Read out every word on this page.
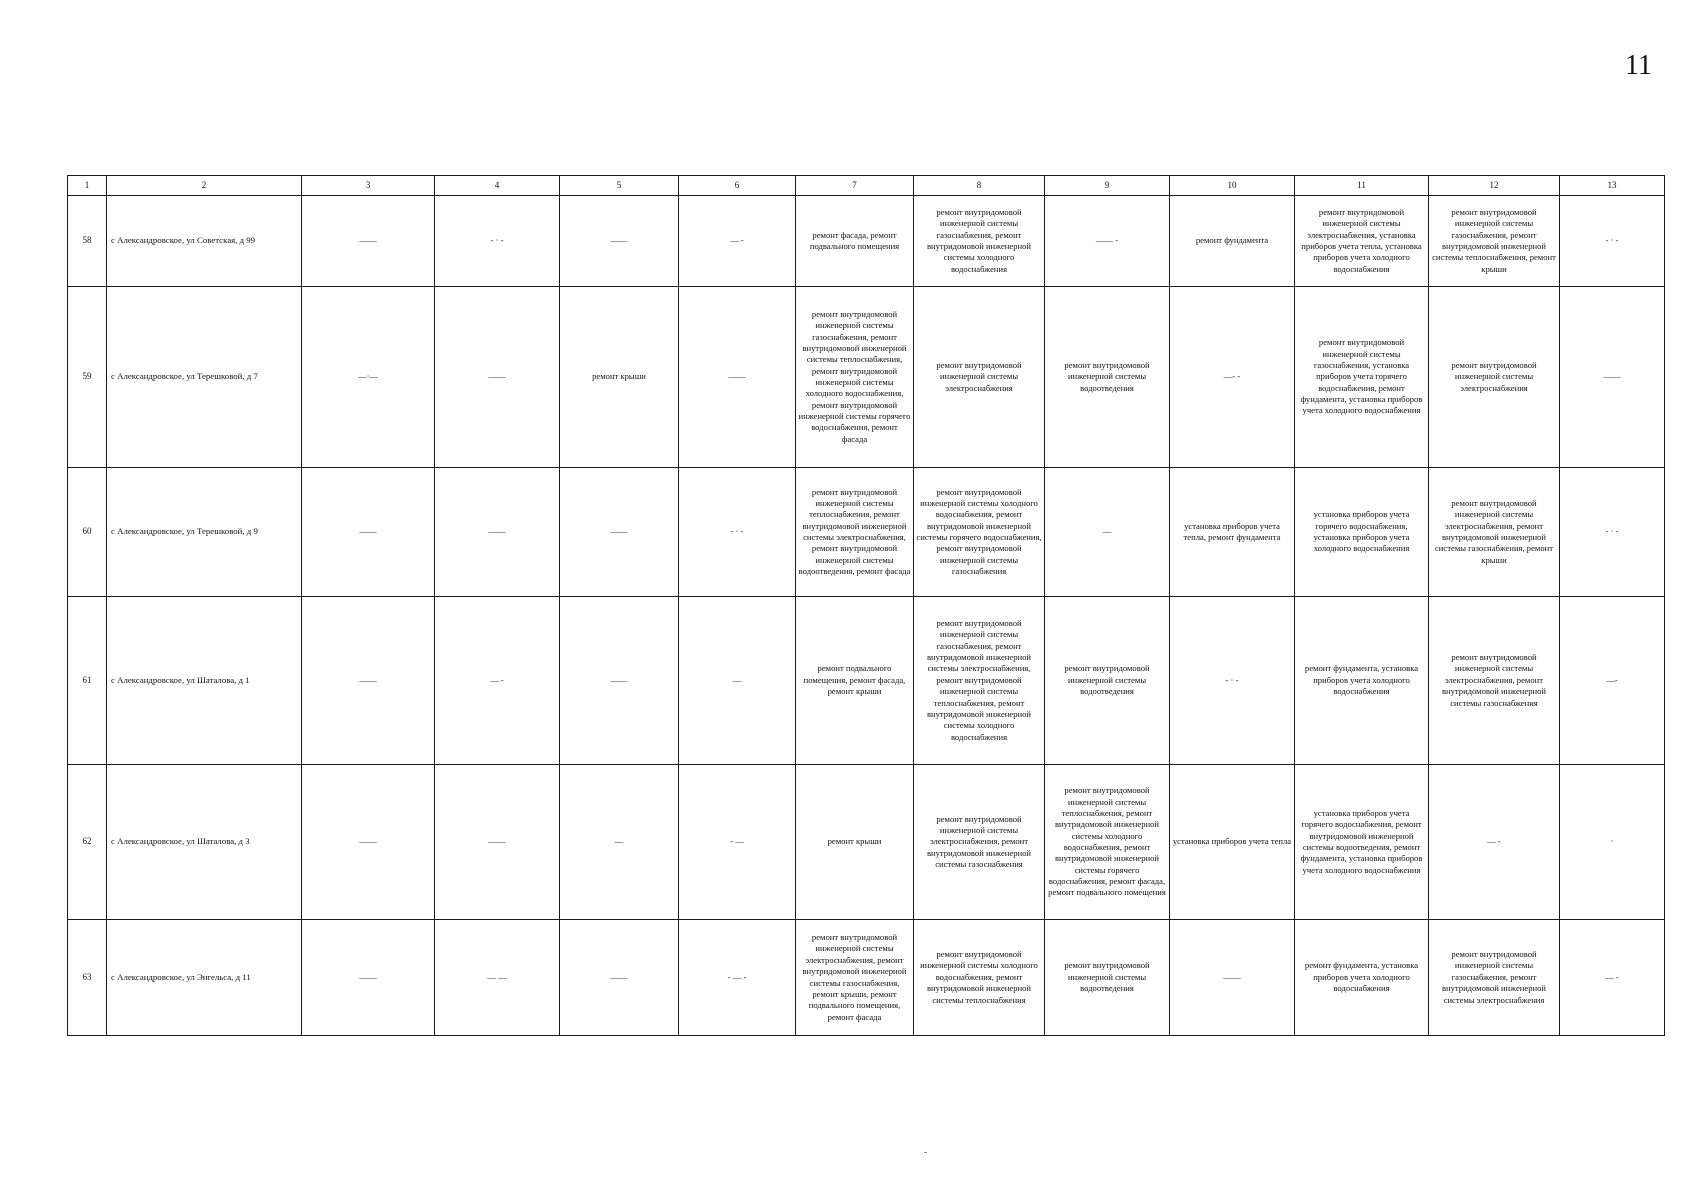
11
1	2	3	4	5	6	7	8	9	10	11	12	13
58	с Александровское, ул Советская, д 99	——	- · -	——	— -	ремонт фасада, ремонт подвального помещения	ремонт внутридомовой инженерной системы газоснабжения, ремонт внутридомовой инженерной системы холодного водоснабжения	—— -	ремонт фундамента	ремонт внутридомовой инженерной системы электроснабжения, установка приборов учета тепла, установка приборов учета холодного водоснабжения	ремонт внутридомовой инженерной системы газоснабжения, ремонт внутридомовой инженерной системы теплоснабжения, ремонт крыши	- · -
59	с Александровское, ул Терешковой, д 7	—·—	——	ремонт крыши	——	ремонт внутридомовой инженерной системы газоснабжения, ремонт внутридомовой инженерной системы теплоснабжения, ремонт внутридомовой инженерной системы холодного водоснабжения, ремонт внутридомовой инженерной системы горячего водоснабжения, ремонт фасада	ремонт внутридомовой инженерной системы электроснабжения	ремонт внутридомовой инженерной системы водоотведения	—- -	ремонт внутридомовой инженерной системы газоснабжения, установка приборов учета горячего водоснабжения, ремонт фундамента, установка приборов учета холодного водоснабжения	ремонт внутридомовой инженерной системы электроснабжения	——
60	с Александровское, ул Терешковой, д 9	——	——	——	- · -	ремонт внутридомовой инженерной системы теплоснабжения, ремонт внутридомовой инженерной системы электроснабжения, ремонт внутридомовой инженерной системы водоотведения, ремонт фасада	ремонт внутридомовой инженерной системы холодного водоснабжения, ремонт внутридомовой инженерной системы горячего водоснабжения, ремонт внутридомовой инженерной системы газоснабжения	—	установка приборов учета тепла, ремонт фундамента	установка приборов учета горячего водоснабжения, установка приборов учета холодного водоснабжения	ремонт внутридомовой инженерной системы электроснабжения, ремонт внутридомовой инженерной системы газоснабжения, ремонт крыши	- · -
61	с Александровское, ул Шаталова, д 1	——	— -	——	—	ремонт подвального помещения, ремонт фасада, ремонт крыши	ремонт внутридомовой инженерной системы газоснабжения, ремонт внутридомовой инженерной системы электроснабжения, ремонт внутридомовой инженерной системы теплоснабжения, ремонт внутридомовой инженерной системы холодного водоснабжения	ремонт внутридомовой инженерной системы водоотведения	- · -	ремонт фундамента, установка приборов учета холодного водоснабжения	ремонт внутридомовой инженерной системы электроснабжения, ремонт внутридомовой инженерной системы газоснабжения	—-
62	с Александровское, ул Шаталова, д 3	——	——	—	- —	ремонт крыши	ремонт внутридомовой инженерной системы электроснабжения, ремонт внутридомовой инженерной системы газоснабжения	ремонт внутридомовой инженерной системы теплоснабжения, ремонт внутридомовой инженерной системы холодного водоснабжения, ремонт внутридомовой инженерной системы горячего водоснабжения, ремонт фасада, ремонт подвального помещения	установка приборов учета тепла	установка приборов учета горячего водоснабжения, ремонт внутридомовой инженерной системы водоотведения, ремонт фундамента, установка приборов учета холодного водоснабжения	— -	·
63	с Александровское, ул Энгельса, д 11	——	— —	——	- — -	ремонт внутридомовой инженерной системы электроснабжения, ремонт внутридомовой инженерной системы газоснабжения, ремонт крыши, ремонт подвального помещения, ремонт фасада	ремонт внутридомовой инженерной системы холодного водоснабжения, ремонт внутридомовой инженерной системы теплоснабжения	ремонт внутридомовой инженерной системы водоотведения	——	ремонт фундамента, установка приборов учета холодного водоснабжения	ремонт внутридомовой инженерной системы газоснабжения, ремонт внутридомовой инженерной системы электроснабжения	— -
